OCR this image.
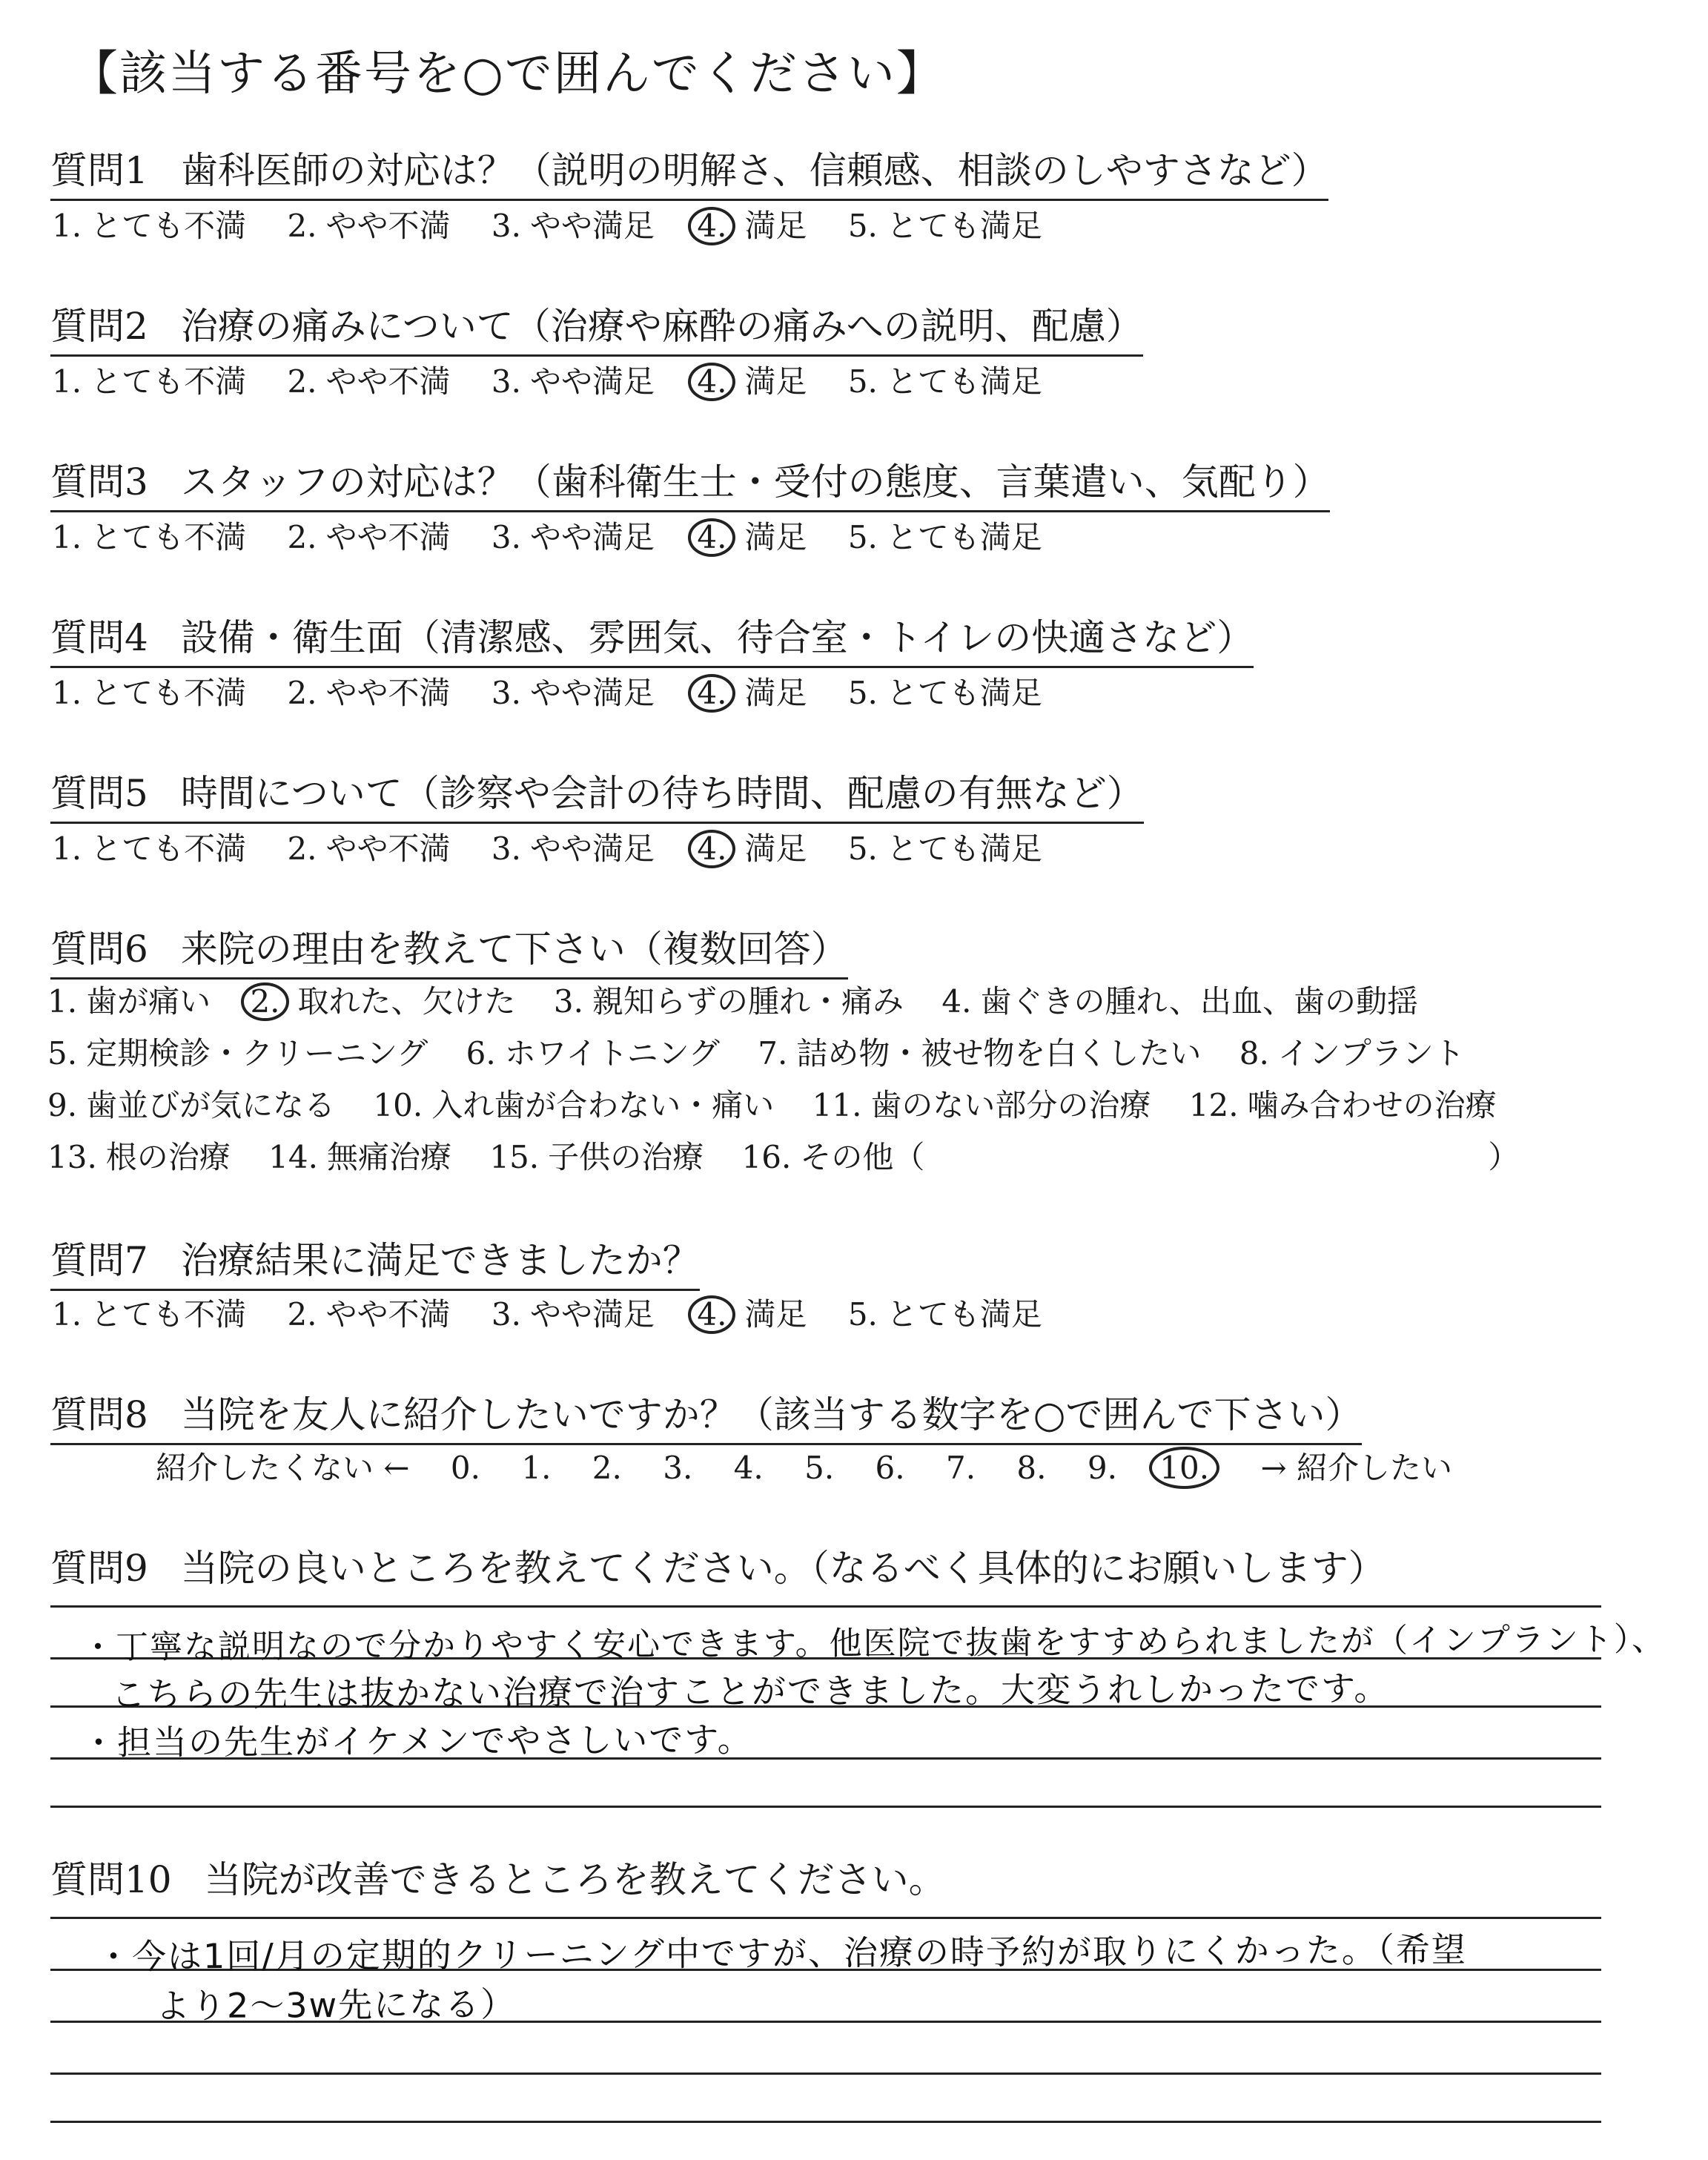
【該当する番号を○で囲んでください】
質問1 歯科医師の対応は？（説明の明解さ、信頼感、相談のしやすさなど）
1. とても不満 2. やや不満 3. やや満足 4. 満足 5. とても満足
質問2 治療の痛みについて（治療や麻酔の痛みへの説明、配慮）
1. とても不満 2. やや不満 3. やや満足 4. 満足 5. とても満足
質問3 スタッフの対応は？（歯科衛生士・受付の態度、言葉遣い、気配り）
1. とても不満 2. やや不満 3. やや満足 4. 満足 5. とても満足
質問4 設備・衛生面（清潔感、雰囲気、待合室・トイレの快適さなど）
1. とても不満 2. やや不満 3. やや満足 4. 満足 5. とても満足
質問5 時間について（診察や会計の待ち時間、配慮の有無など）
1. とても不満 2. やや不満 3. やや満足 4. 満足 5. とても満足
質問6 来院の理由を教えて下さい（複数回答）
1. 歯が痛い 2. 取れた、欠けた 3. 親知らずの腫れ・痛み 4. 歯ぐきの腫れ、出血、歯の動揺
5. 定期検診・クリーニング 6. ホワイトニング 7. 詰め物・被せ物を白くしたい 8. インプラント
9. 歯並びが気になる 10. 入れ歯が合わない・痛い 11. 歯のない部分の治療 12. 噛み合わせの治療
13. 根の治療 14. 無痛治療 15. 子供の治療 16. その他（	）
質問7 治療結果に満足できましたか？
1. とても不満 2. やや不満 3. やや満足 4. 満足 5. とても満足
質問8 当院を友人に紹介したいですか？（該当する数字を○で囲んで下さい）
紹介したくない ← 0. 1. 2. 3. 4. 5. 6. 7. 8. 9. 10. → 紹介したい
質問9 当院の良いところを教えてください。（なるべく具体的にお願いします）
・丁寧な説明なので分かりやすく安心できます。他医院で抜歯をすすめられましたが（インプラント）、
こちらの先生は抜かない治療で治すことができました。大変うれしかったです。
・担当の先生がイケメンでやさしいです。
質問10 当院が改善できるところを教えてください。
・今は1回/月の定期的クリーニング中ですが、治療の時予約が取りにくかった。（希望
より2～3w先になる）
